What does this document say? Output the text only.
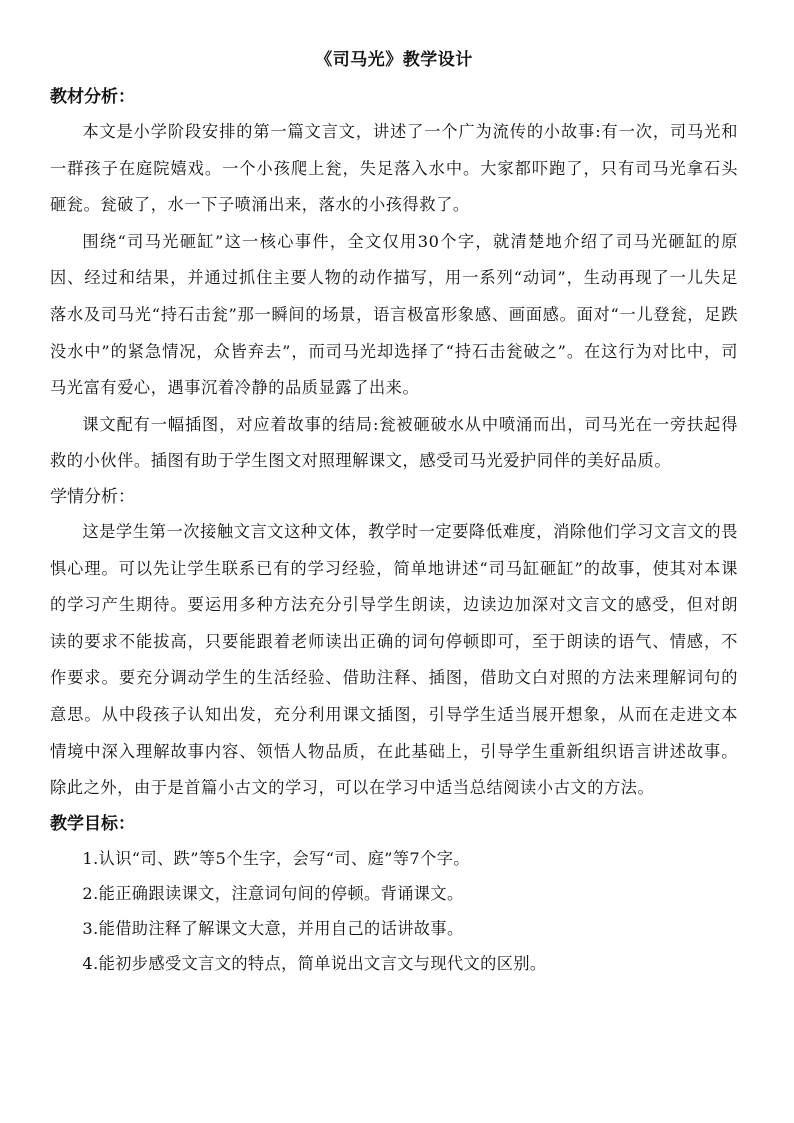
《司马光》教学设计

教材分析：

本文是小学阶段安排的第一篇文言文，讲述了一个广为流传的小故事:有一次，司马光和一群孩子在庭院嬉戏。一个小孩爬上瓮，失足落入水中。大家都吓跑了，只有司马光拿石头砸瓮。瓮破了，水一下子喷涌出来，落水的小孩得救了。

围绕“司马光砸缸”这一核心事件，全文仅用30个字，就清楚地介绍了司马光砸缸的原因、经过和结果，并通过抓住主要人物的动作描写，用一系列“动词”，生动再现了一儿失足落水及司马光“持石击瓮”那一瞬间的场景，语言极富形象感、画面感。面对“一儿登瓮，足跌没水中”的紧急情况，众皆弃去”，而司马光却选择了“持石击瓮破之”。在这行为对比中，司马光富有爱心，遇事沉着冷静的品质显露了出来。

课文配有一幅插图，对应着故事的结局:瓮被砸破水从中喷涌而出，司马光在一旁扶起得救的小伙伴。插图有助于学生图文对照理解课文，感受司马光爱护同伴的美好品质。

学情分析：

这是学生第一次接触文言文这种文体，教学时一定要降低难度，消除他们学习文言文的畏惧心理。可以先让学生联系已有的学习经验，简单地讲述“司马缸砸缸”的故事，使其对本课的学习产生期待。要运用多种方法充分引导学生朗读，边读边加深对文言文的感受，但对朗读的要求不能拔高，只要能跟着老师读出正确的词句停顿即可，至于朗读的语气、情感，不作要求。要充分调动学生的生活经验、借助注释、插图，借助文白对照的方法来理解词句的意思。从中段孩子认知出发，充分利用课文插图，引导学生适当展开想象，从而在走进文本情境中深入理解故事内容、领悟人物品质，在此基础上，引导学生重新组织语言讲述故事。除此之外，由于是首篇小古文的学习，可以在学习中适当总结阅读小古文的方法。

教学目标：

1.认识“司、跌”等5个生字，会写“司、庭”等7个字。

2.能正确跟读课文，注意词句间的停顿。背诵课文。

3.能借助注释了解课文大意，并用自己的话讲故事。

4.能初步感受文言文的特点，简单说出文言文与现代文的区别。
